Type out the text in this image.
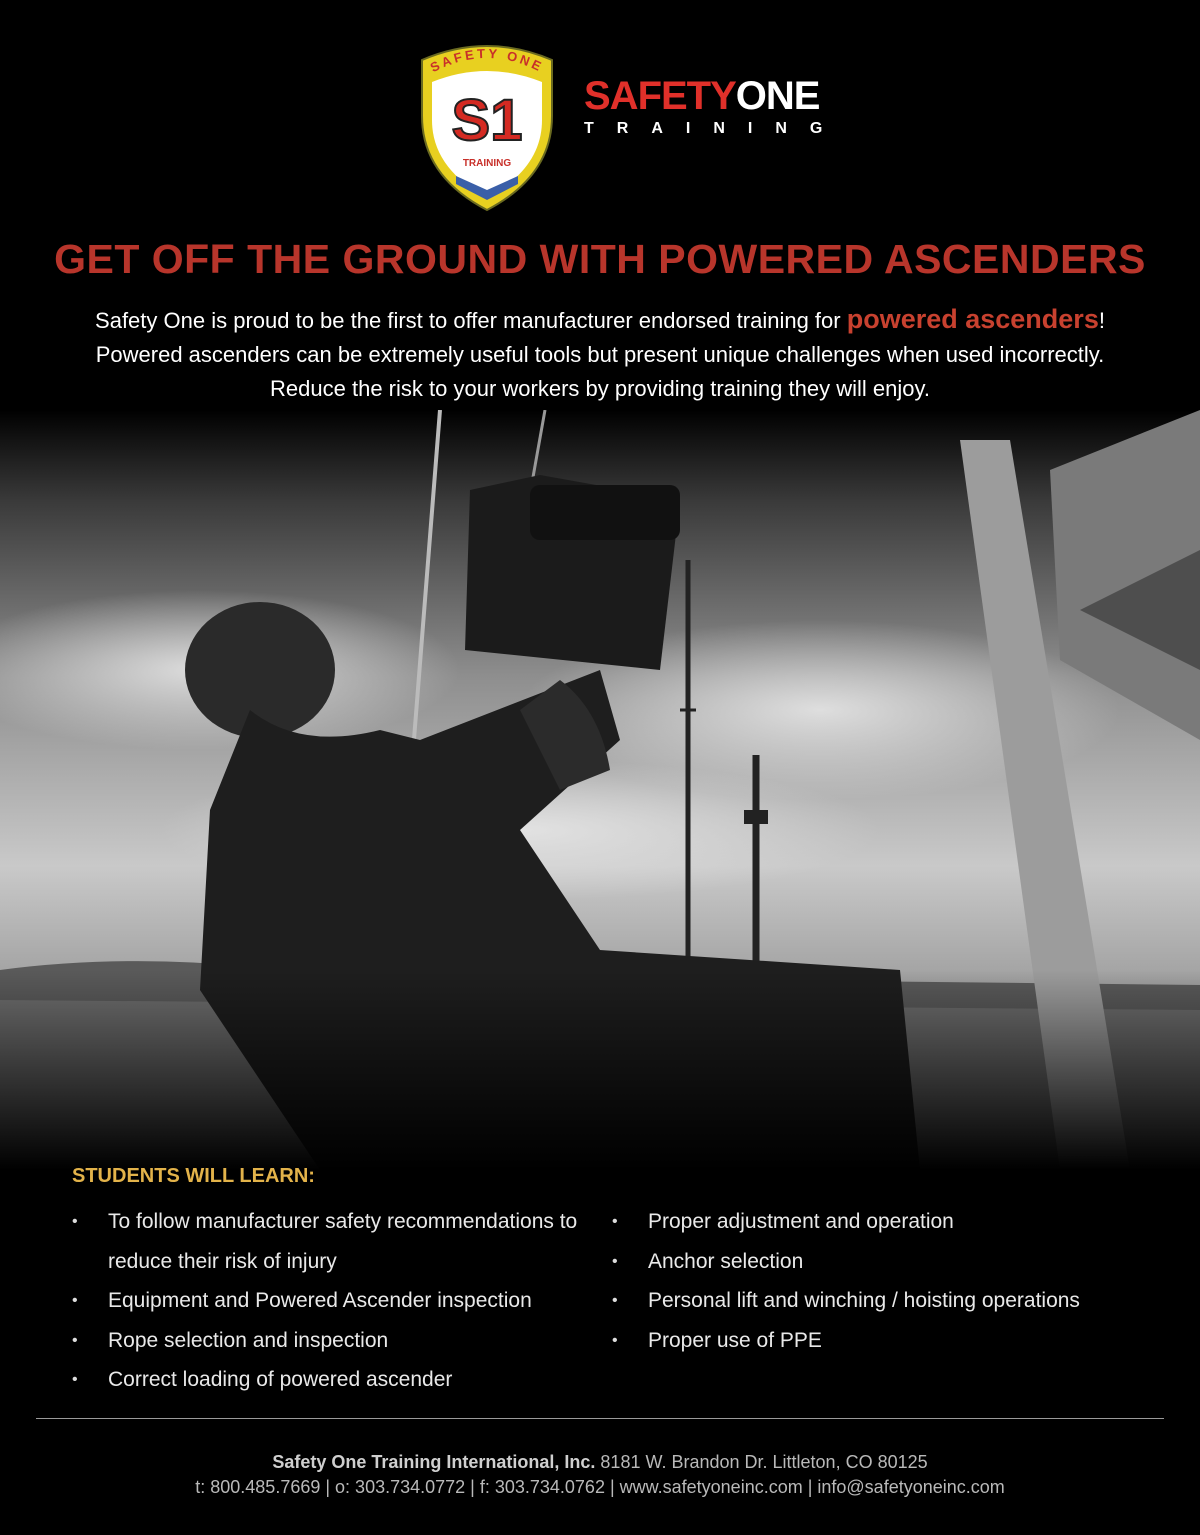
SAFETY ONE
S1
TRAINING
SAFETYONE
TRAINING
GET OFF THE GROUND WITH POWERED ASCENDERS
Safety One is proud to be the first to offer manufacturer endorsed training for powered ascenders! Powered ascenders can be extremely useful tools but present unique challenges when used incorrectly. Reduce the risk to your workers by providing training they will enjoy.
STUDENTS WILL LEARN:
• To follow manufacturer safety recommendations to reduce their risk of injury
• Equipment and Powered Ascender inspection
• Rope selection and inspection
• Correct loading of powered ascender
• Proper adjustment and operation
• Anchor selection
• Personal lift and winching / hoisting operations
• Proper use of PPE
Safety One Training International, Inc. 8181 W. Brandon Dr. Littleton, CO 80125
t: 800.485.7669 | o: 303.734.0772 | f: 303.734.0762 | www.safetyoneinc.com | info@safetyoneinc.com
